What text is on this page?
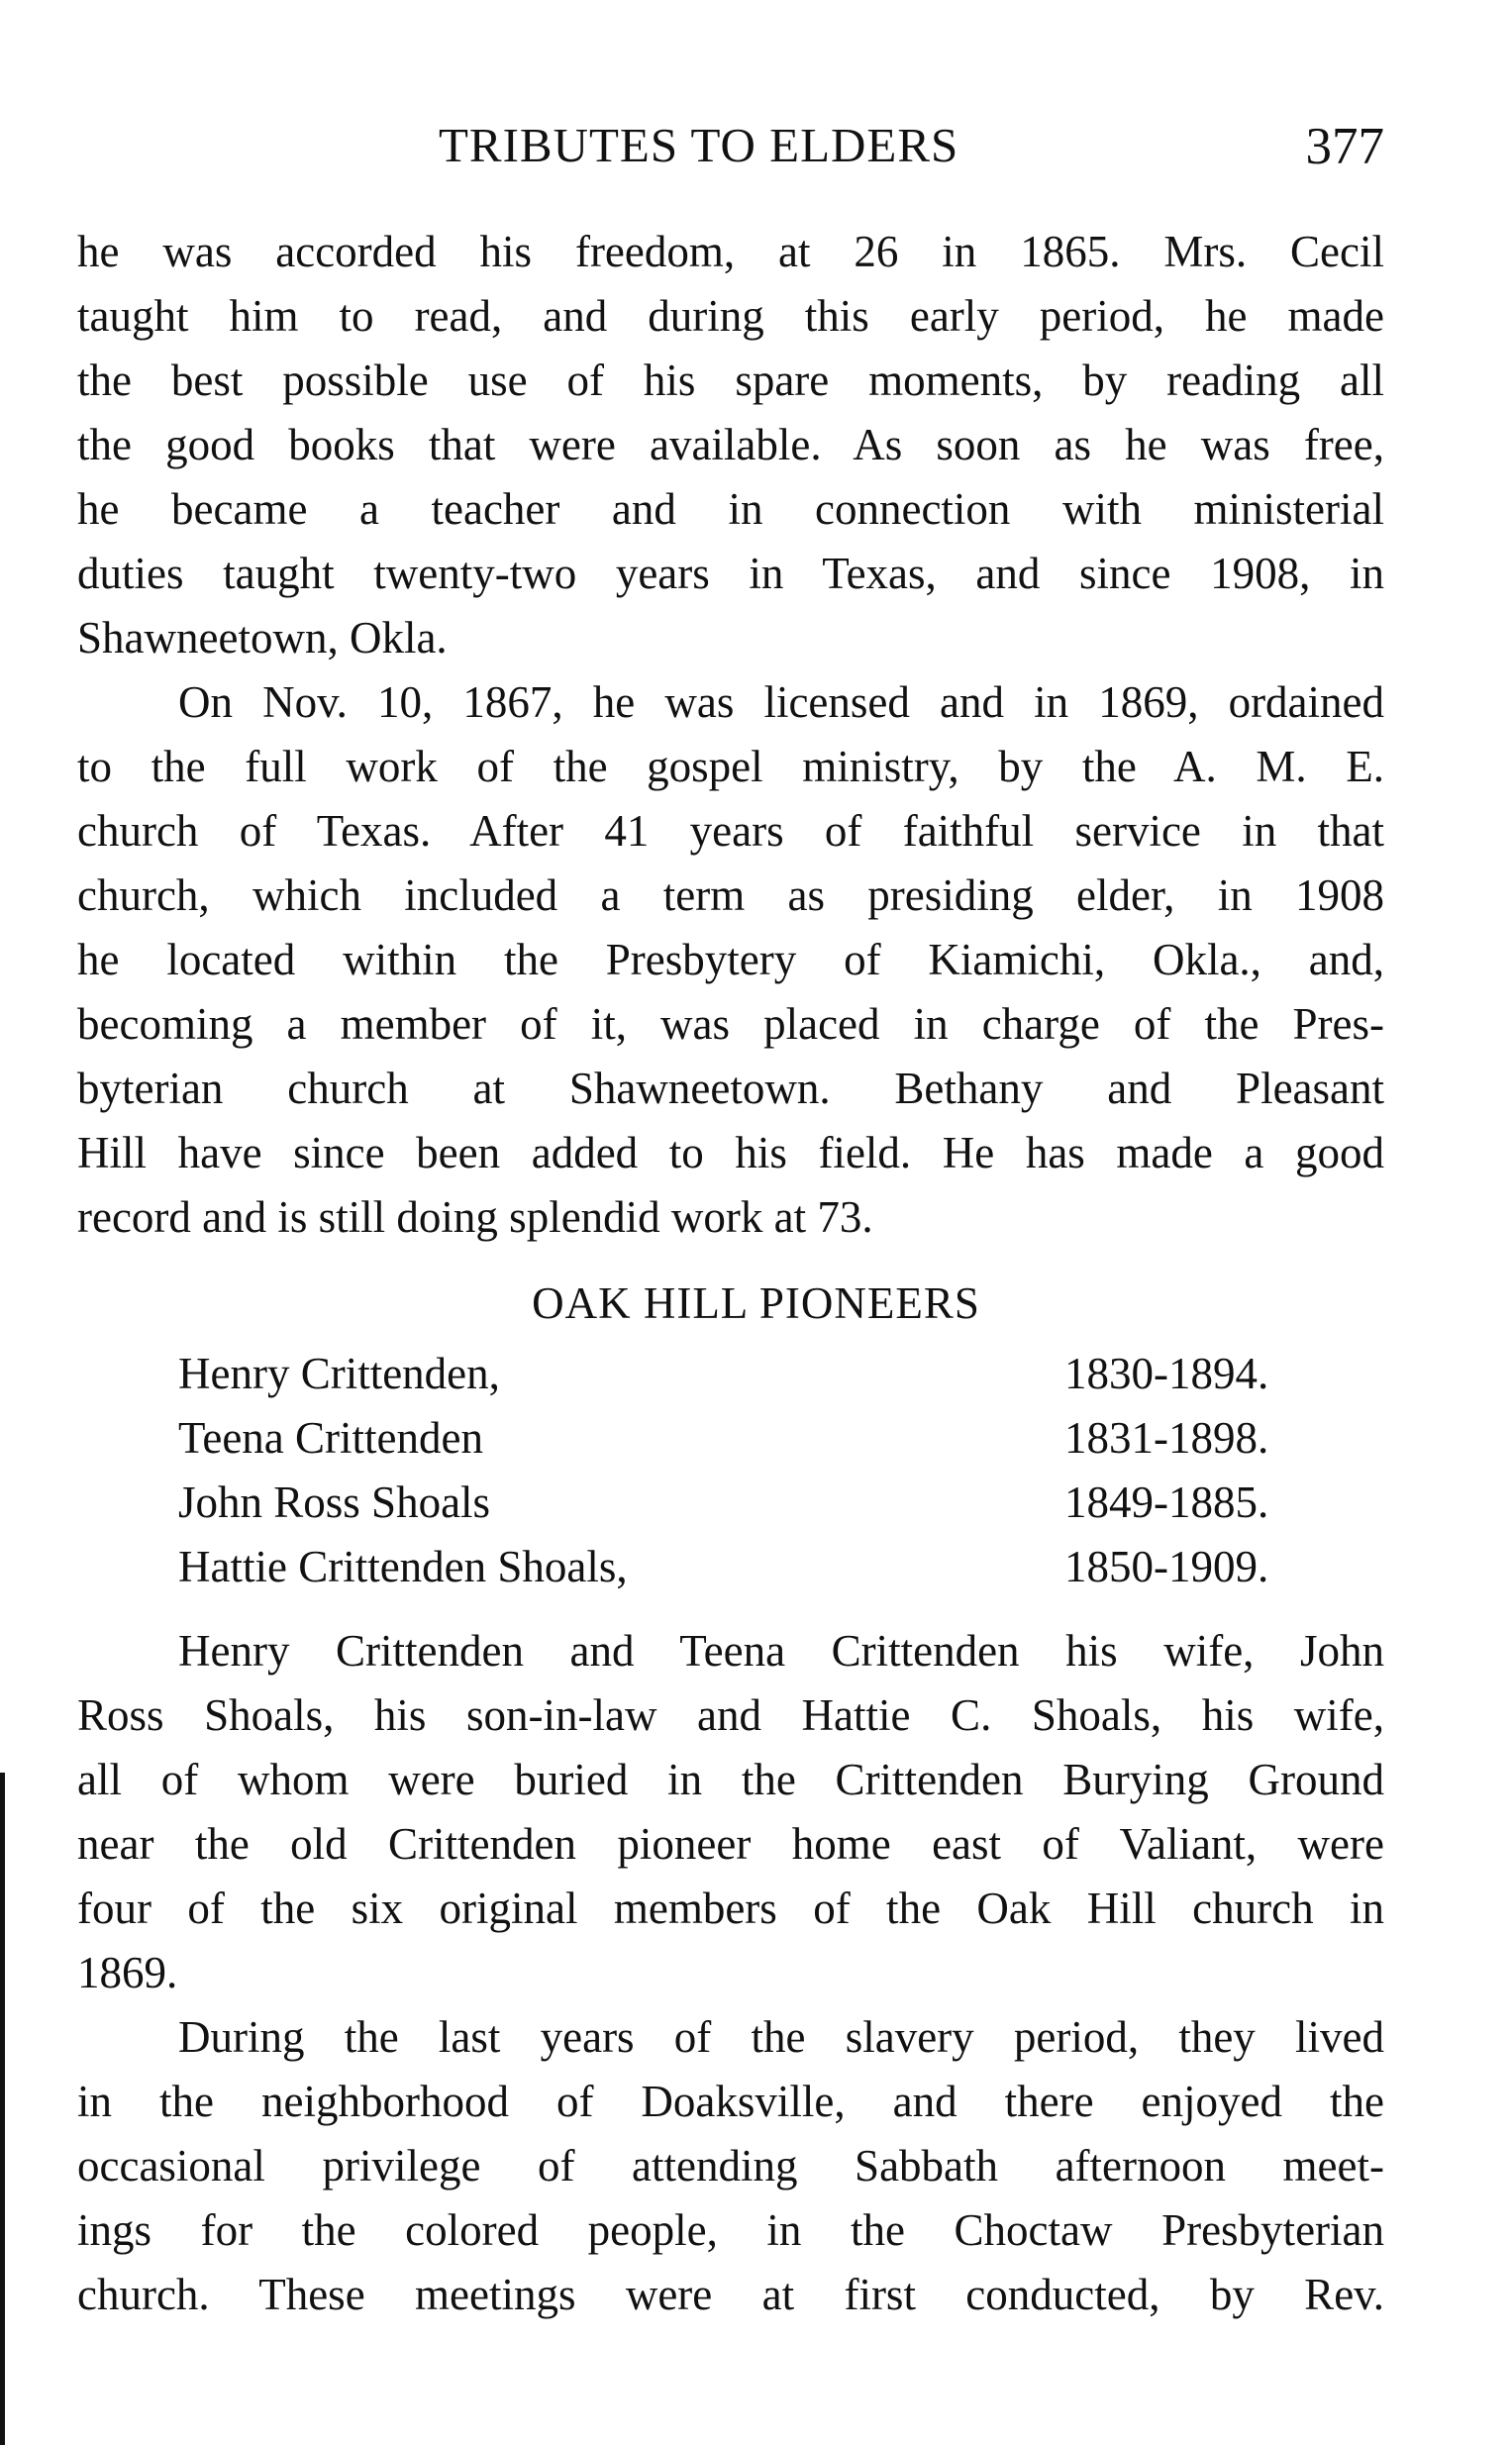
TRIBUTES TO ELDERS	377
he was accorded his freedom, at 26 in 1865. Mrs. Cecil
taught him to read, and during this early period, he made
the best possible use of his spare moments, by reading all
the good books that were available. As soon as he was free,
he became a teacher and in connection with ministerial
duties taught twenty-two years in Texas, and since 1908, in
Shawneetown, Okla.
On Nov. 10, 1867, he was licensed and in 1869, ordained
to the full work of the gospel ministry, by the A. M. E.
church of Texas. After 41 years of faithful service in that
church, which included a term as presiding elder, in 1908
he located within the Presbytery of Kiamichi, Okla., and,
becoming a member of it, was placed in charge of the Pres-
byterian church at Shawneetown. Bethany and Pleasant
Hill have since been added to his field. He has made a good
record and is still doing splendid work at 73.
OAK HILL PIONEERS
Henry Crittenden,	1830-1894.
Teena Crittenden	1831-1898.
John Ross Shoals	1849-1885.
Hattie Crittenden Shoals,	1850-1909.
Henry Crittenden and Teena Crittenden his wife, John
Ross Shoals, his son-in-law and Hattie C. Shoals, his wife,
all of whom were buried in the Crittenden Burying Ground
near the old Crittenden pioneer home east of Valiant, were
four of the six original members of the Oak Hill church in
1869.
During the last years of the slavery period, they lived
in the neighborhood of Doaksville, and there enjoyed the
occasional privilege of attending Sabbath afternoon meet-
ings for the colored people, in the Choctaw Presbyterian
church. These meetings were at first conducted, by Rev.
